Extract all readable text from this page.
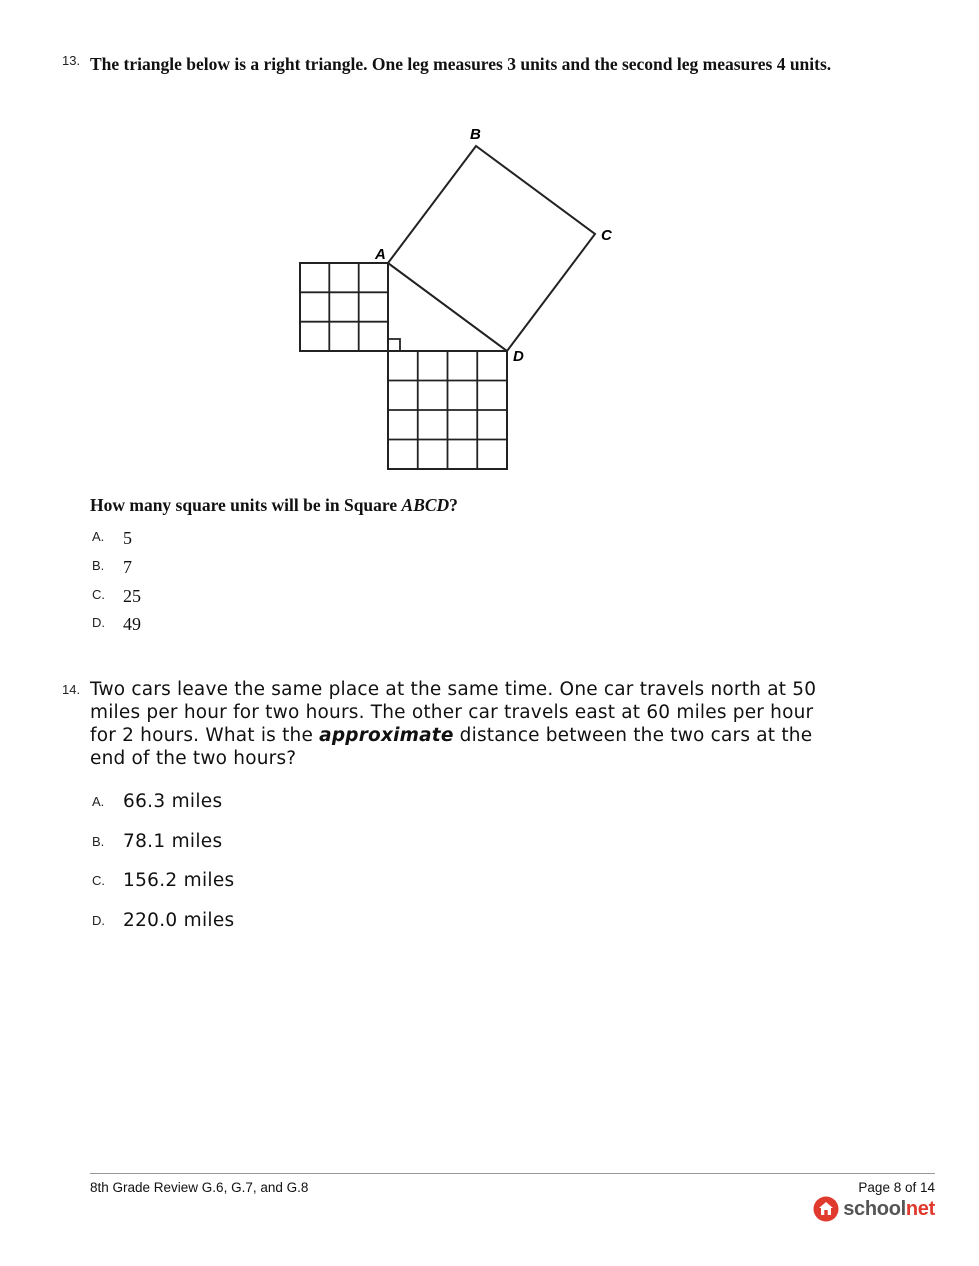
13. The triangle below is a right triangle. One leg measures 3 units and the second leg measures 4 units.
A
B
C
D
How many square units will be in Square ABCD?
A. 5
B. 7
C. 25
D. 49
14. Two cars leave the same place at the same time. One car travels north at 50 miles per hour for two hours. The other car travels east at 60 miles per hour for 2 hours. What is the approximate distance between the two cars at the end of the two hours?
A. 66.3 miles
B. 78.1 miles
C. 156.2 miles
D. 220.0 miles
8th Grade Review G.6, G.7, and G.8	Page 8 of 14
schoolnet
